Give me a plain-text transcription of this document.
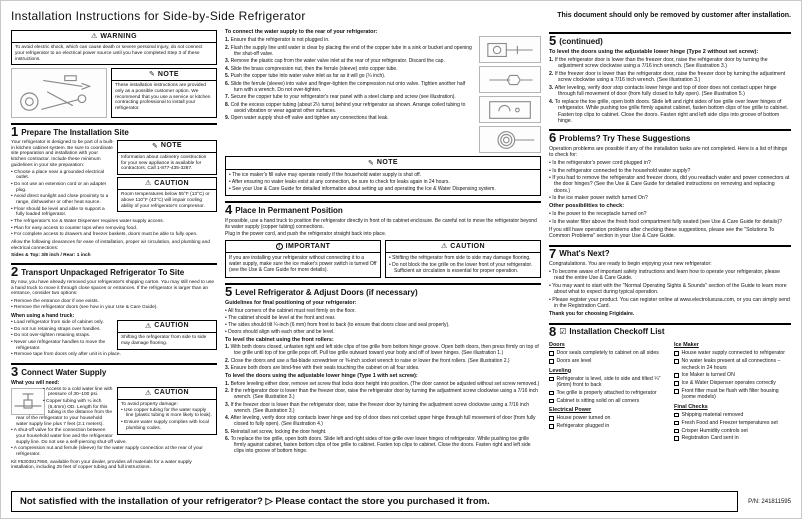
Installation Instructions for Side-by-Side Refrigerator	This document should only be removed by customer after installation.
⚠ WARNING
To avoid electric shock, which can cause death or severe personal injury, do not connect your refrigerator to an electrical power source until you have completed Step 3 of these instructions.
✎ NOTE
These installation instructions are provided only as a possible customer option. We recommend that you use a service or kitchen contracting professional to install your refrigerator.
1 Prepare The Installation Site
✎ NOTE
Information about cabinetry construction for your new appliance is available for contractors. Call 1-877-435-3287.
⚠ CAUTION
Room temperatures below 55°F (13°C) or above 110°F (43°C) will impair cooling ability of your refrigerator's compressor.

Your refrigerator is designed to be part of a built-in kitchen cabinet system. Be sure to coordinate site preparation and installation with your kitchen contractor. Include these minimum guidelines in your site preparation:

• Choose a place near a grounded electrical outlet.
• Do not use an extension cord or an adapter plug.
• Avoid direct sunlight and close proximity to a range, dishwasher or other heat source.
• Floor should be level and able to support a fully loaded refrigerator.
• The refrigerator's Ice & Water Dispenser requires water supply access.
• Plan for easy access to counter tops when removing food.
• For complete access to drawers and freezer baskets, doors must be able to fully open.

Allow the following clearances for ease of installation, proper air circulation, and plumbing and electrical connections:

Sides & Top: 3/8 inch / Rear: 1 inch

2 Transport Unpackaged Refrigerator To Site

By now, you have already removed your refrigerator's shipping carton. You may still need to use a hand truck to move it through close spaces or entrances. If the refrigerator is larger than an entrance, consider two options:

• Remove the entrance door if one exists.
• Remove the refrigerator doors (see how in your Use & Care Guide).
When using a hand truck:
⚠ CAUTION
Shifting the refrigerator from side to side may damage flooring.
• Load refrigerator from side of cabinet only.
• Do not run retaining straps over handles.
• Do not over-tighten retaining straps.
• Never use refrigerator handles to move the refrigerator.
• Remove tape from doors only after unit is in place.
3 Connect Water Supply
What you will need:
⚠ CAUTION
To avoid property damage:
• Use copper tubing for the water supply line (plastic tubing is more likely to leak).
• Ensure water supply complies with local plumbing codes.
• Access to a cold water line with pressure of 30–100 psi.
• Copper tubing with ¼ inch (6.4mm) OD. Length for this tubing is the distance from the rear of the refrigerator to your household water supply line plus 7 feet (2.1 meters).
• A shut-off valve for the connection between your household water line and the refrigerator supply line. Do not use a self-piercing shut-off valve.
• A compression nut and ferrule (sleeve) for the water supply connection at the rear of your refrigerator.

Kit #5303917950, available from your dealer, provides all materials for a water supply installation, including 25 feet of copper tubing and full instructions.

To connect the water supply to the rear of your refrigerator:
Ensure that the refrigerator is not plugged in.
Flush the supply line until water is clear by placing the end of the copper tube in a sink or bucket and opening the shut-off valve.
Remove the plastic cap from the water valve inlet at the rear of your refrigerator. Discard the cap.
Slide the brass compression nut, then the ferrule (sleeve) onto copper tube.
Push the copper tube into water valve inlet as far as it will go (¼ inch).
Slide the ferrule (sleeve) into valve and finger-tighten the compression nut onto valve. Tighten another half turn with a wrench. Do not over-tighten.
Secure the copper tube to your refrigerator's rear panel with a steel clamp and screw (see illustration).
Coil the excess copper tubing (about 2½ turns) behind your refrigerator as shown. Arrange coiled tubing to avoid vibration or wear against other surfaces.
Open water supply shut-off valve and tighten any connections that leak.
✎ NOTE
• The ice maker's fill valve may operate noisily if the household water supply is shut off.
• After ensuring no water leaks exist at any connection, be sure to check for leaks again in 24 hours.
• See your Use & Care Guide for detailed information about setting up and operating the Ice & Water Dispensing system.
4 Place In Permanent Position

If possible, use a hand truck to position the refrigerator directly in front of its cabinet enclosure. Be careful not to move the refrigerator beyond its water supply (copper tubing) connections.

Plug in the power cord, and push the refrigerator straight back into place.

! IMPORTANT
If you are installing your refrigerator without connecting it to a water supply, make sure the ice maker's power switch is turned Off (see the Use & Care Guide for more details).
⚠ CAUTION
• Shifting the refrigerator from side to side may damage flooring.
• Do not block the toe grille on the lower front of your refrigerator. Sufficient air circulation is essential for proper operation.
5 Level Refrigerator & Adjust Doors (if necessary)
Guidelines for final positioning of your refrigerator:
• All four corners of the cabinet must rest firmly on the floor.
• The cabinet should be level at the front and rear.
• The sides should tilt ¼-inch (6 mm) from front to back (to ensure that doors close and seal properly).
• Doors should align with each other and be level.
To level the cabinet using the front rollers:
With both doors closed, unfasten right and left side clips of toe grille from bottom hinge groove. Open both doors, then press firmly on top of toe grille until top of toe grille pops off. Pull toe grille outward toward your body and off of lower hinges. (See illustration 1.)
Close the doors and use a flat-blade screwdriver or ⅜-inch socket wrench to raise or lower the front rollers. (See illustration 2.)
Ensure both doors are bind-free with their seals touching the cabinet on all four sides.
To level the doors using the adjustable lower hinge (Type 1 with set screw):
Before leveling either door, remove set screw that locks door height into position. (The door cannot be adjusted without set screw removed.)
If the refrigerator door is lower than the freezer door, raise the refrigerator door by turning the adjustment screw clockwise using a 7/16 inch wrench. (See illustration 3.)
If the freezer door is lower than the refrigerator door, raise the freezer door by turning the adjustment screw clockwise using a 7/16 inch wrench. (See illustration 3.)
After leveling, verify door stop contacts lower hinge and top of door does not contact upper hinge through full movement of door (from fully closed to fully open). (See illustration 4.)
Reinstall set screw, locking the door height.
To replace the toe grille, open both doors. Slide left and right sides of toe grille over lower hinges of refrigerator. While pushing toe grille firmly against cabinet, fasten bottom clips of toe grille to cabinet. Fasten top clips to cabinet. Close the doors. Fasten right and left side clips into groove of bottom hinge.
5 (continued)
To level the doors using the adjustable lower hinge (Type 2 without set screw):
If the refrigerator door is lower than the freezer door, raise the refrigerator door by turning the adjustment screw clockwise using a 7/16 inch wrench. (See illustration 3.)
If the freezer door is lower than the refrigerator door, raise the freezer door by turning the adjustment screw clockwise using a 7/16 inch wrench. (See illustration 3.)
After leveling, verify door stop contacts lower hinge and top of door does not contact upper hinge through full movement of door (from fully closed to fully open). (See illustration 5.)
To replace the toe grille, open both doors. Slide left and right sides of toe grille over lower hinges of refrigerator. While pushing toe grille firmly against cabinet, fasten bottom clips of toe grille to cabinet. Fasten top clips to cabinet. Close the doors. Fasten right and left side clips into groove of bottom hinge.
6 Problems? Try These Suggestions

Operation problems are possible if any of the installation tasks are not completed. Here is a list of things to check for:

• Is the refrigerator's power cord plugged in?
• Is the refrigerator connected to the household water supply?
• If you had to remove the refrigerator and freezer doors, did you reattach water and power connectors at the door hinges? (See the Use & Care Guide for detailed instructions on removing and replacing doors.)
• Is the ice maker power switch turned On?
Other possibilities to check:
• Is the power to the receptacle turned on?
• Is the water filter above the fresh food compartment fully seated (see Use & Care Guide for details)?

If you still have operation problems after checking these suggestions, please see the "Solutions To Common Problems" section in your Use & Care Guide.

7 What's Next?

Congratulations. You are ready to begin enjoying your new refrigerator:

• To become aware of important safety instructions and learn how to operate your refrigerator, please read the entire Use & Care Guide.
• You may want to start with the "Normal Operating Sights & Sounds" section of the Guide to learn more about what to expect during typical operation.
• Please register your product. You can register online at www.electroluxusa.com, or you can simply send in the Registration Card.

Thank you for choosing Frigidaire.

8 ☑ Installation Checkoff List
Doors
Door seals completely to cabinet on all sides
Doors are level
Leveling
Refrigerator is level, side to side and tilted ¼" (6mm) front to back
Toe grille is properly attached to refrigerator
Cabinet is sitting solid on all corners
Electrical Power
House power turned on
Refrigerator plugged in
Ice Maker
House water supply connected to refrigerator
No water leaks present at all connections – recheck in 24 hours
Ice Maker is turned ON
Ice & Water Dispenser operates correctly
Front filter must be flush with filter housing (some models)
Final Checks
Shipping material removed
Fresh Food and Freezer temperatures set
Crisper Humidity controls set
Registration Card sent in
Not satisfied with the installation of your refrigerator? ▷ Please contact the store you purchased it from.	P/N: 241811595
